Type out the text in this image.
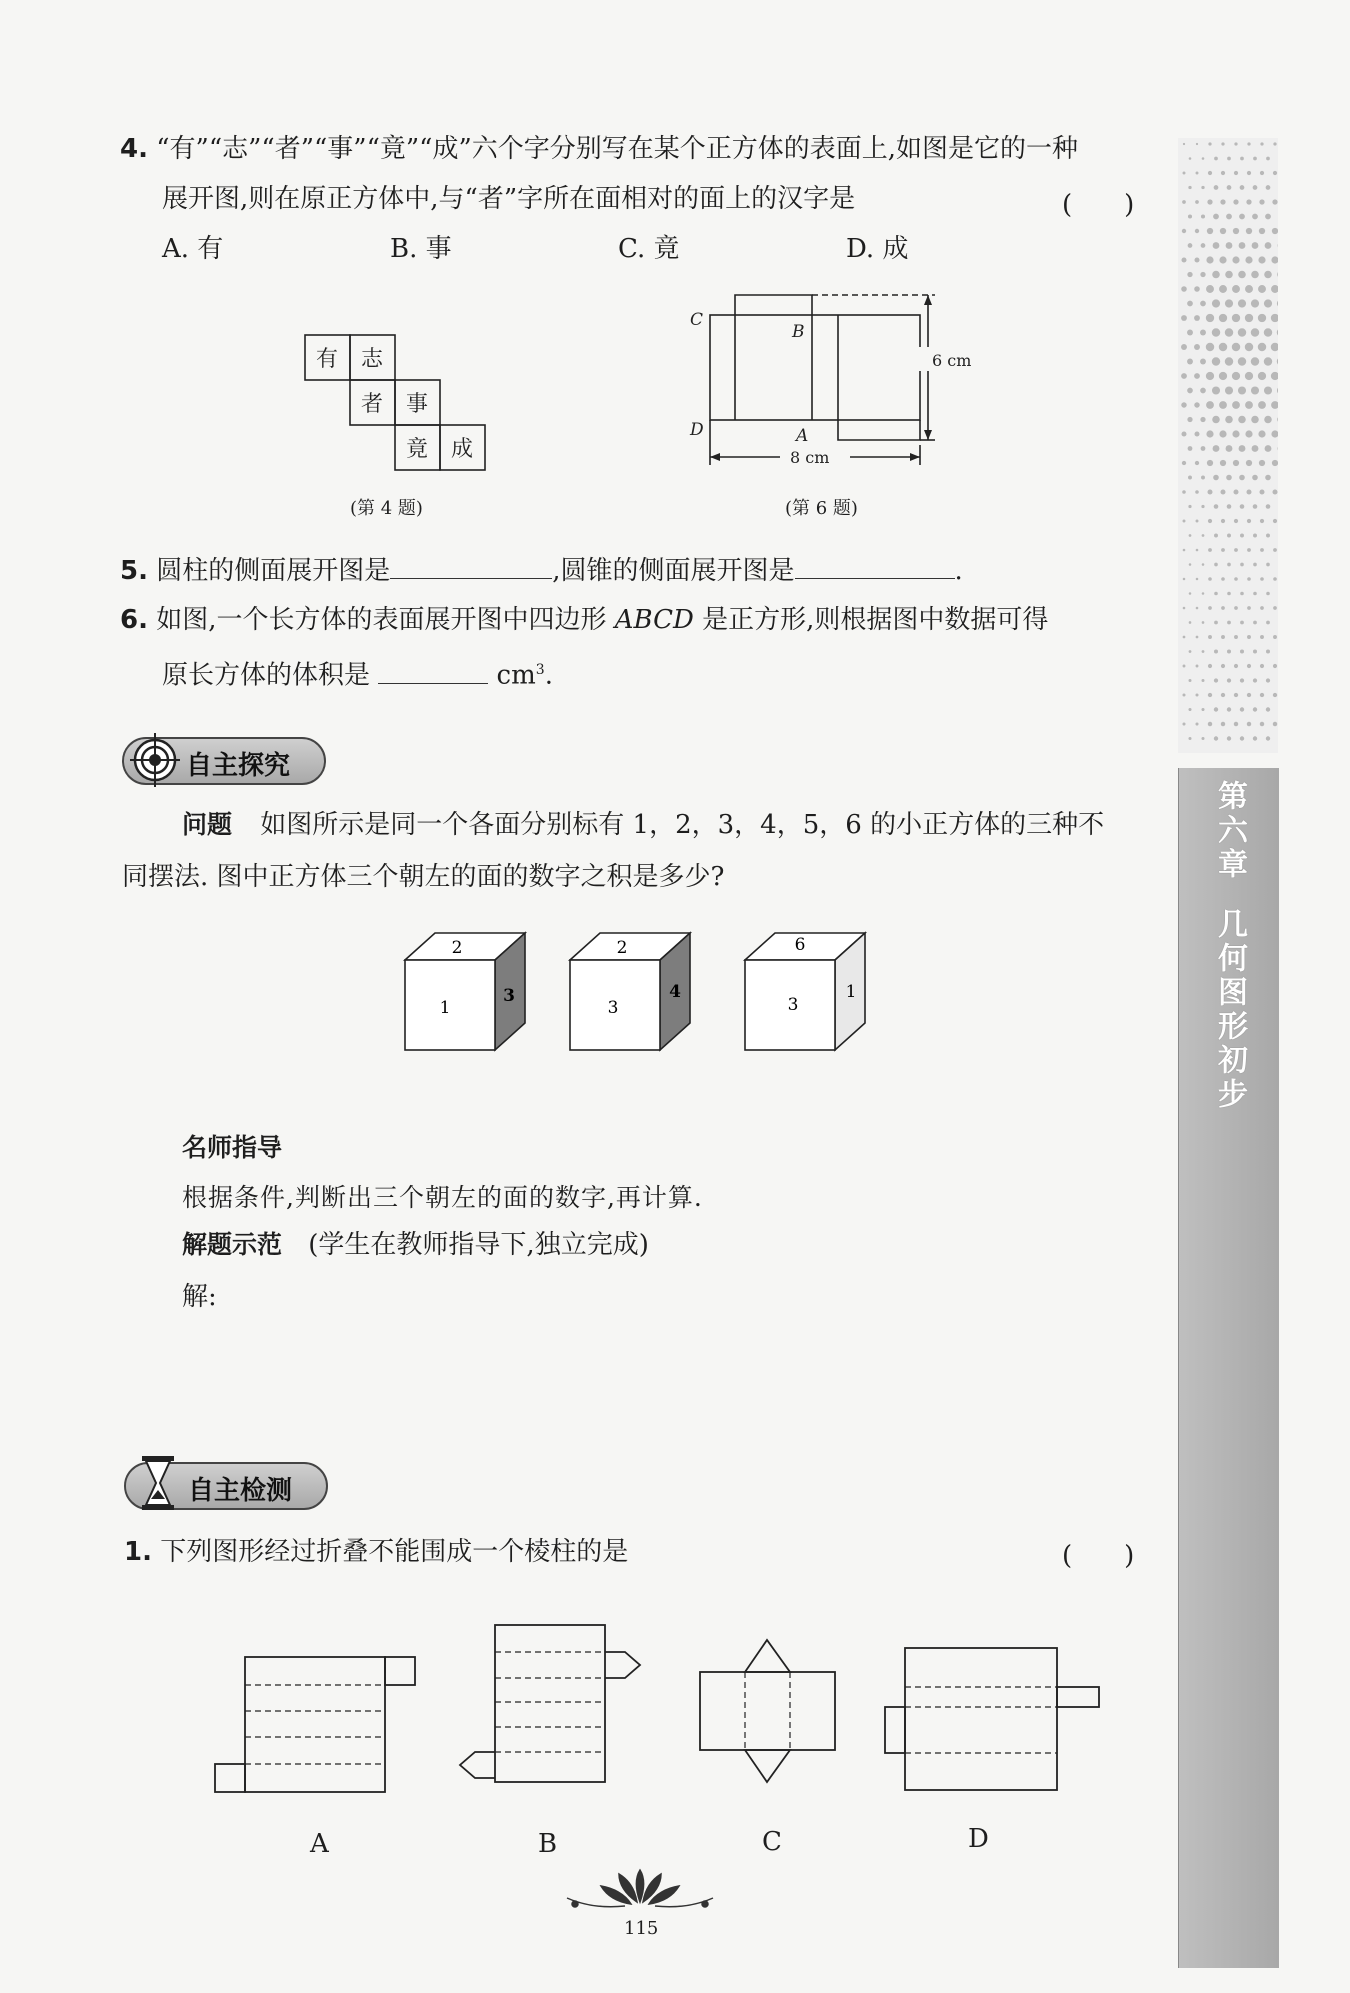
4. “有”“志”“者”“事”“竟”“成”六个字分别写在某个正方体的表面上,如图是它的一种
展开图,则在原正方体中,与“者”字所在面相对的面上的汉字是	(　　)
A. 有	B. 事	C. 竟	D. 成
有 志
者 事
竟 成
(第 4 题)
C
B
D	A
6 cm
8 cm
(第 6 题)
5. 圆柱的侧面展开图是	,圆锥的侧面展开图是	.
6. 如图,一个长方体的表面展开图中四边形 ABCD 是正方形,则根据图中数据可得
原长方体的体积是	$cm^3$.
自主探究
问题 如图所示是同一个各面分别标有 1，2，3，4，5，6 的小正方体的三种不
同摆法. 图中正方体三个朝左的面的数字之积是多少?
2
1
3
2
3
4
6
3
1
名师指导
根据条件,判断出三个朝左的面的数字,再计算.
解题示范 (学生在教师指导下,独立完成)
解:
自主检测
1. 下列图形经过折叠不能围成一个棱柱的是	(　　)
A	B	C	D
第六章
几何图形初步
115
